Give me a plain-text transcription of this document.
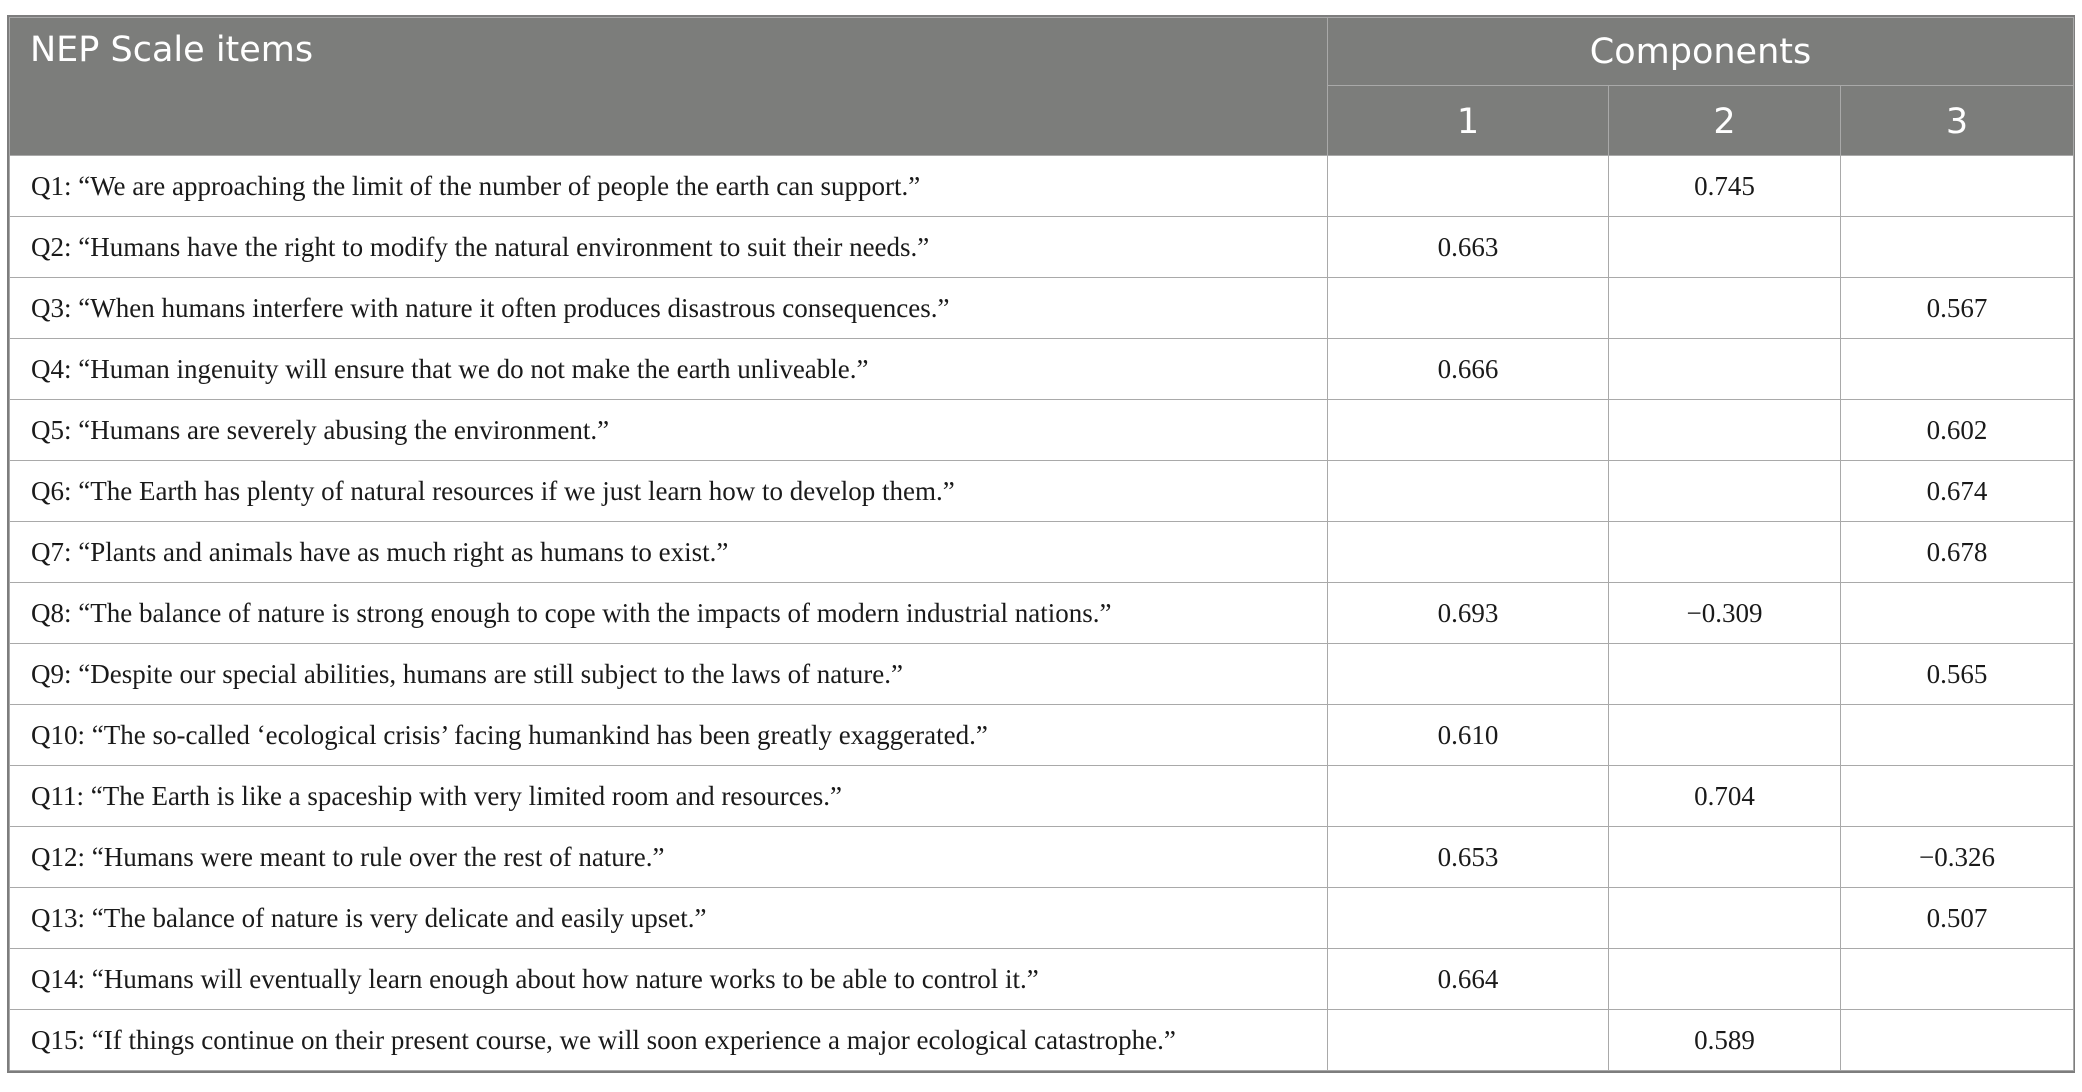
NEP Scale items	Components		
	1	2	3
Q1: “We are approaching the limit of the number of people the earth can support.”		0.745	
Q2: “Humans have the right to modify the natural environment to suit their needs.”	0.663		
Q3: “When humans interfere with nature it often produces disastrous consequences.”			0.567
Q4: “Human ingenuity will ensure that we do not make the earth unliveable.”	0.666		
Q5: “Humans are severely abusing the environment.”			0.602
Q6: “The Earth has plenty of natural resources if we just learn how to develop them.”			0.674
Q7: “Plants and animals have as much right as humans to exist.”			0.678
Q8: “The balance of nature is strong enough to cope with the impacts of modern industrial nations.”	0.693	−0.309	
Q9: “Despite our special abilities, humans are still subject to the laws of nature.”			0.565
Q10: “The so-called ‘ecological crisis’ facing humankind has been greatly exaggerated.”	0.610		
Q11: “The Earth is like a spaceship with very limited room and resources.”		0.704	
Q12: “Humans were meant to rule over the rest of nature.”	0.653		−0.326
Q13: “The balance of nature is very delicate and easily upset.”			0.507
Q14: “Humans will eventually learn enough about how nature works to be able to control it.”	0.664		
Q15: “If things continue on their present course, we will soon experience a major ecological catastrophe.”		0.589	
